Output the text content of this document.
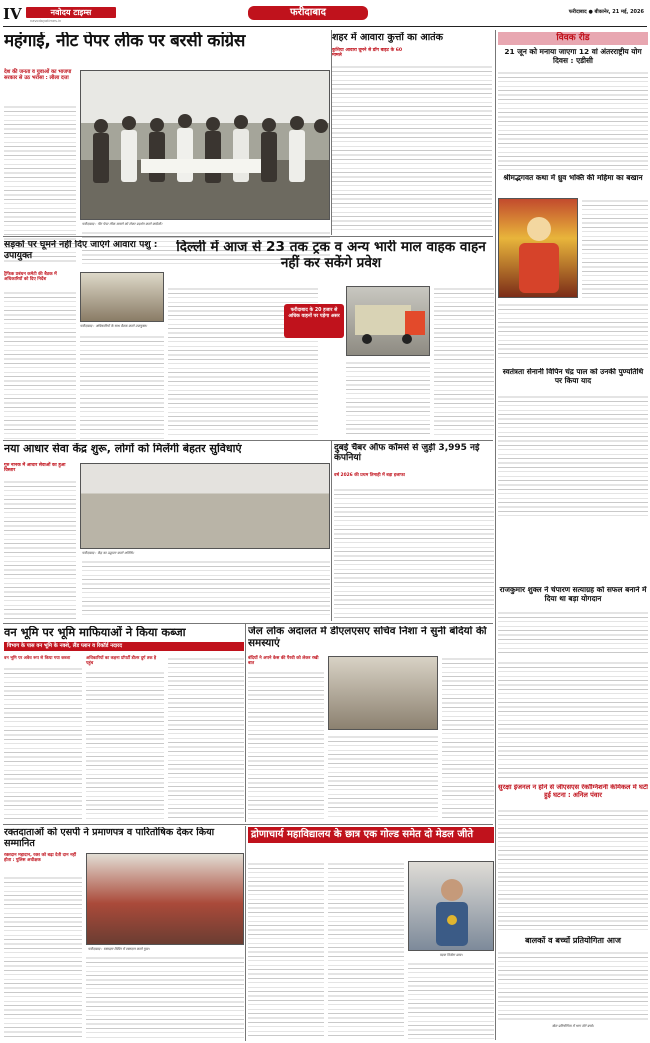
IV	नवोदय टाइम्स
navodayatimes.in
फरीदाबाद	फरीदाबाद ● बीकानेर, 21 मई, 2026
महंगाई, नीट पेपर लीक पर बरसी कांग्रेस
देश की जनता व युवाओं का भाजपा सरकार से उठ भरोसा : लीला दत्ता
फरीदाबाद : नीट पेपर लीक मामले को लेकर प्रदर्शन करते कांग्रेसी।
शहर में आवारा कुत्तों का आतंक
कुत्तिया आवारा घूमने से डॉग बाइट के 60 मामले
विवक रीड
21 जून को मनाया जाएगा 12 वां अंतरराष्ट्रीय योग दिवस : एडीसी
श्रीमद्भगवत कथा में ध्रुव भक्ति की महिमा का बखान
स्वतंत्रता सेनानी विपिन चंद्र पाल को उनकी पुण्यतिथि पर किया याद
राजकुमार शुक्ल ने चंपारण सत्याग्रह को सफल बनाने में दिया था बड़ा योगदान
सुरक्षा इंजनल न होने से जीएसएस रेकॉग्निशनी केमिकल में घटी हुई घटना : अनिल पंवार
बालकों व बच्चों प्रतियोगिता आज
खेल प्रतियोगिता में भाग लेते बच्चे।
सड़कों पर घूमने नहीं दिए जाएंगे आवारा पशु : उपायुक्त
ट्रैफिक प्रबंधन कमेटी की बैठक में अधिकारियों को दिए निर्देश
फरीदाबाद : अधिकारियों के साथ बैठक करते उपायुक्त।
दिल्ली में आज से 23 तक ट्रक व अन्य भारी माल वाहक वाहन नहीं कर सकेंगे प्रवेश
फरीदाबाद के 20 हजार से अधिक वाहनों पर पड़ेगा असर
नया आधार सेवा केंद्र शुरू, लोगों को मिलेंगी बेहतर सुविधाएं
गुरु नानक में आधार सेवाओं का हुआ विस्तार
फरीदाबाद : केंद्र का उद्घाटन करते अतिथि।
दुबई चैंबर ऑफ कॉमर्स से जुड़ीं 3,995 नई कंपनियां
वर्ष 2026 की प्रथम तिमाही में बड़ा इजाफा
वन भूमि पर भूमि माफियाओं ने किया कब्जा
विभाग के पास वन भूमि के नक्शे, लैंड प्लान व रिकॉर्ड नदारद
वन भूमि पर अवैध रूप से किया गया कब्जा	अधिकारियों का कहना प्रॉपर्टी डीलर दुर्ग तक है पहुंच
जेल लोक अदालत में डीएलएसए सचिव निशा ने सुनी बंदियों की समस्याएं
बंदियों ने अपने केस की पैरवी को लेकर रखी बात
रक्तदाताओं को एसपी ने प्रमाणपत्र व पारितोषिक देकर किया सम्मानित
रक्तदान महादान, रक्त को बढ़ा देती दान नहीं होता : पुलिस अधीक्षक
फरीदाबाद : रक्तदान शिविर में रक्तदान करते युवा।
द्रोणाचार्य महाविद्यालय के छात्र एक गोल्ड समेत दो मेडल जीते
पदक विजेता छात्र।
